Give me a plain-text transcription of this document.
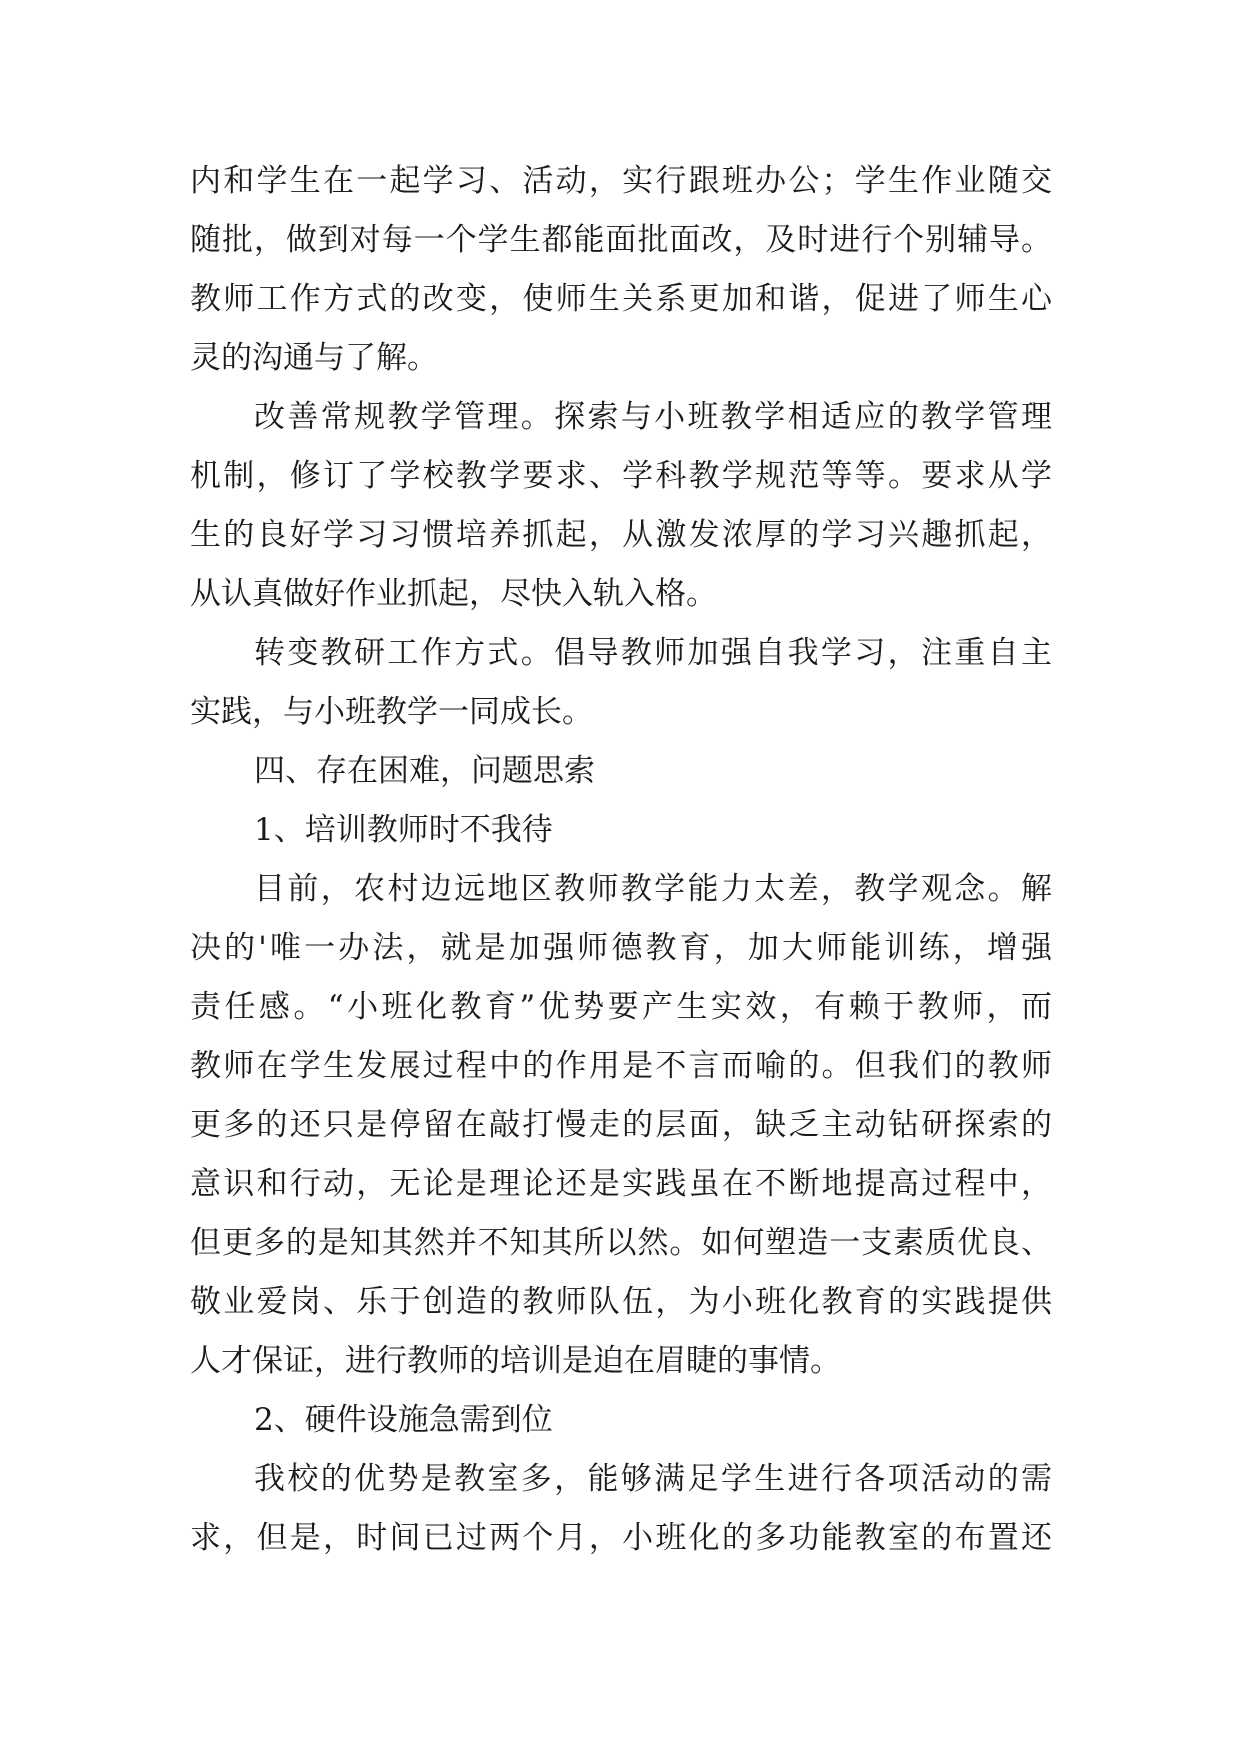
内和学生在一起学习、活动，实行跟班办公；学生作业随交
随批，做到对每一个学生都能面批面改，及时进行个别辅导。
教师工作方式的改变，使师生关系更加和谐，促进了师生心
灵的沟通与了解。
改善常规教学管理。探索与小班教学相适应的教学管理
机制，修订了学校教学要求、学科教学规范等等。要求从学
生的良好学习习惯培养抓起，从激发浓厚的学习兴趣抓起，
从认真做好作业抓起，尽快入轨入格。
转变教研工作方式。倡导教师加强自我学习，注重自主
实践，与小班教学一同成长。
四、存在困难，问题思索
1、培训教师时不我待
目前，农村边远地区教师教学能力太差，教学观念。解
决的'唯一办法，就是加强师德教育，加大师能训练，增强
责任感。“小班化教育”优势要产生实效，有赖于教师，而
教师在学生发展过程中的作用是不言而喻的。但我们的教师
更多的还只是停留在敲打慢走的层面，缺乏主动钻研探索的
意识和行动，无论是理论还是实践虽在不断地提高过程中，
但更多的是知其然并不知其所以然。如何塑造一支素质优良、
敬业爱岗、乐于创造的教师队伍，为小班化教育的实践提供
人才保证，进行教师的培训是迫在眉睫的事情。
2、硬件设施急需到位
我校的优势是教室多，能够满足学生进行各项活动的需
求，但是，时间已过两个月，小班化的多功能教室的布置还
